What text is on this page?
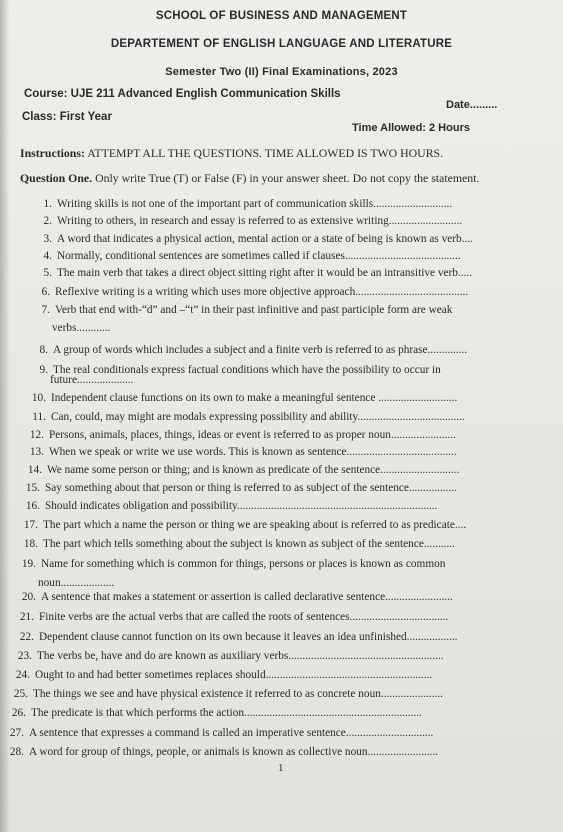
SCHOOL OF BUSINESS AND MANAGEMENT
DEPARTEMENT OF ENGLISH LANGUAGE AND LITERATURE
Semester Two (II) Final Examinations, 2023
Course: UJE 211 Advanced English Communication Skills
Date.........
Class: First Year
Time Allowed: 2 Hours
Instructions: ATTEMPT ALL THE QUESTIONS. TIME ALLOWED IS TWO HOURS.
Question One. Only write True (T) or False (F) in your answer sheet. Do not copy the statement.
1. Writing skills is not one of the important part of communication skills............................
2. Writing to others, in research and essay is referred to as extensive writing..........................
3. A word that indicates a physical action, mental action or a state of being is known as verb....
4. Normally, conditional sentences are sometimes called if clauses.........................................
5. The main verb that takes a direct object sitting right after it would be an intransitive verb.....
6. Reflexive writing is a writing which uses more objective approach........................................
7. Verb that end with-“d” and –“t” in their past infinitive and past participle form are weak
verbs............
8. A group of words which includes a subject and a finite verb is referred to as phrase..............
9. The real conditionals express factual conditions which have the possibility to occur in
future....................
10. Independent clause functions on its own to make a meaningful sentence ............................
11. Can, could, may might are modals expressing possibility and ability......................................
12. Persons, animals, places, things, ideas or event is referred to as proper noun.......................
13. When we speak or write we use words. This is known as sentence.......................................
14. We name some person or thing; and is known as predicate of the sentence............................
15. Say something about that person or thing is referred to as subject of the sentence.................
16. Should indicates obligation and possibility.......................................................................
17. The part which a name the person or thing we are speaking about is referred to as predicate....
18. The part which tells something about the subject is known as subject of the sentence...........
19. Name for something which is common for things, persons or places is known as common
noun...................
20. A sentence that makes a statement or assertion is called declarative sentence........................
21. Finite verbs are the actual verbs that are called the roots of sentences...................................
22. Dependent clause cannot function on its own because it leaves an idea unfinished..................
23. The verbs be, have and do are known as auxiliary verbs.......................................................
24. Ought to and had better sometimes replaces should...........................................................
25. The things we see and have physical existence it referred to as concrete noun......................
26. The predicate is that which performs the action...............................................................
27. A sentence that expresses a command is called an imperative sentence...............................
28. A word for group of things, people, or animals is known as collective noun.........................
1
